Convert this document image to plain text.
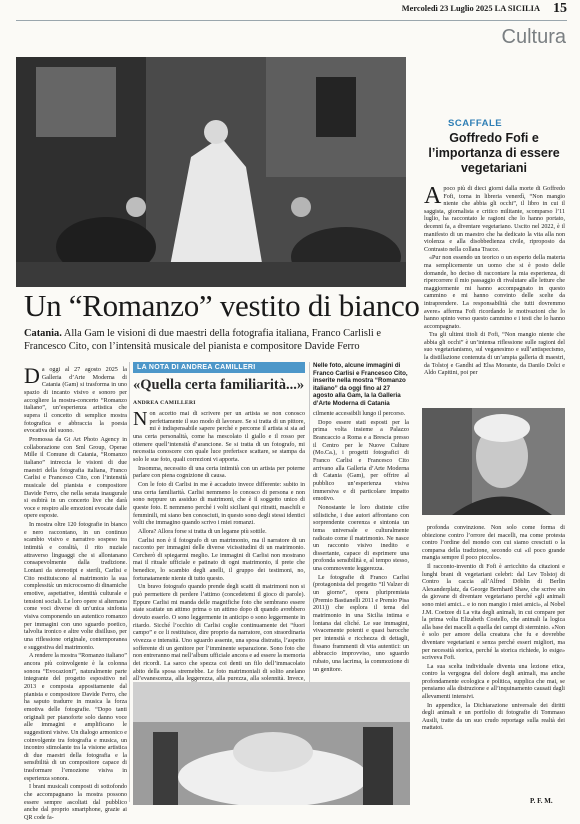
Mercoledì 23 Luglio 2025 LA SICILIA 15
Cultura
SCAFFALE
Goffredo Fofi e l’importanza di essere vegetariani

A poco più di dieci giorni dalla morte di Goffredo Fofi, torna in libreria venerdì, “Non mangio niente che abbia gli occhi”, il libro in cui il saggista, giornalista e critico militante, scomparso l’11 luglio, ha raccontato le ragioni che lo hanno portato, decenni fa, a diventare vegetariano. Uscito nel 2022, è il manifesto di un maestro che ha dedicato la vita alla non violenza e alla disobbedienza civile, riproposto da Contrasto nella collana Tracce.

«Pur non essendo un teorico o un esperto della materia ma semplicemente un uomo che si è posto delle domande, ho deciso di raccontare la mia esperienza, di ripercorrere il mio passaggio di rivalutare alle letture che maggiormente mi hanno accompagnato in questo cammino e mi hanno convinto delle scelte da intraprendere. La responsabilità che tutti dovremmo avere» afferma Fofi ricordando le motivazioni che lo hanno spinto verso questo cammino e i testi che lo hanno accompagnato.

Tra gli ultimi titoli di Fofi, “Non mangio niente che abbia gli occhi” è un’intensa riflessione sulle ragioni del suo vegetarianismo, sul veganesimo e sull’antispecismo, la distillazione contenuta di un’ampia galleria di maestri, da Tolstoj e Gandhi ad Elsa Morante, da Danilo Dolci e Aldo Capitini, poi per

profonda convinzione. Non solo come forma di obiezione contro l’orrore dei macelli, ma come protesta contro l’ordine del mondo con cui siamo cresciuti o la comparsa della tradizione, secondo cui «il poco grande mangia sempre il poco piccolo».

Il racconto-inventio di Fofi è arricchito da citazioni e lunghi brani di vegetariani celebri: dal Lev Tolstoj di Contro la caccia all’Alfred Döblin di Berlin Alexanderplatz, da George Bernhard Shaw, che scrive sin da giovane di diventare vegetariano perché «gli animali sono miei amici... e io non mangio i miei amici», al Nobel J.M. Coetzee di La vita degli animali, in cui compare per la prima volta Elizabeth Costello, che animali la logica alla base dei macelli a quella dei campi di sterminio. «Non è solo per amore della creatura che fu e dovrebbe diventare vegetariani e senza perché esseri migliori, ma per necessità storica, perché la storica richiede, lo esige» scriveva Fofi.

La sua scelta individuale diventa una lezione etica, contro la vergogna del dolore degli animali, ma anche profondamente ecologica e politica, supplica che mai, se pensiamo alla distruzione e all’inquinamento causati dagli allevamenti intensivi.

In appendice, la Dichiarazione universale dei diritti degli animali e un portfolio di fotografie di Tommaso Ausili, tratte da un suo crudo reportage sulla realtà dei mattatoi.

P. F. M.
Un “Romanzo” vestito di bianco
Catania. Alla Gam le visioni di due maestri della fotografia italiana, Franco Carlisli e Francesco Cito, con l’intensità musicale del pianista e compositore Davide Ferro

Da oggi al 27 agosto 2025 la Galleria d’Arte Moderna di Catania (Gam) si trasforma in uno spazio di incanto visivo e sonoro per accogliere la mostra-concerto “Romanzo italiano”, un’esperienza artistica che supera il concetto di semplice mostra fotografica e abbraccia la poesia evocativa del suono.

Promossa da Gt Art Photo Agency in collaborazione con Sml Group, Operae Mille il Comune di Catania, “Romanzo italiano” intreccia le visioni di due maestri della fotografia italiana, Franco Carlisi e Francesco Cito, con l’intensità musicale del pianista e compositore Davide Ferro, che nella serata inaugurale si esibirà in un concerto live che darà voce e respiro alle emozioni evocate dalle opere esposte.

In mostra oltre 120 fotografie in bianco e nero raccontano, in un continuo scambio visivo e narrativo sospeso tra intimità e coralità, il rito nuziale attraverso linguaggi che si allontanano consapevolmente dalla tradizione. Lontani da stereotipi e sterili, Carlisi e Cito restituiscono al matrimonio la sua complessità: un microcosmo di dinamiche emotive, aspettative, identità culturale e tensioni sociali. Le loro opere si alternano come voci diverse di un’unica sinfonia visiva componendo un autentico romanzo per immagini con uno sguardo poetico, talvolta ironico e altre volte disilluso, per una riflessione originale, contemporanea e suggestiva del matrimonio.

A rendere la mostra “Romanzo italiano” ancora più coinvolgente è la colonna sonora “Evocazioni”, naturalmente parte integrante del progetto espositivo nel 2013 e composta appositamente dal pianista e compositore Davide Ferro, che ha saputo tradurre in musica la forza emotiva delle fotografie. “Dopo tanti originali per pianoforte solo danno voce alle immagini e amplificano le suggestioni visive. Un dialogo armonico e coinvolgente tra fotografia e musica, un incontro stimolante tra la visione artistica di due maestri della fotografia e la sensibilità di un compositore capace di trasformare l’emozione visiva in esperienza sonora.

I brani musicali composti di sottofondo che accompagnano la mostra possono essere sempre ascoltati dal pubblico anche dal proprio smartphone, grazie ai QR code fa-

LA NOTA DI ANDREA CAMILLERI
«Quella certa familiarità...»
ANDREA CAMILLERI

Non accetto mai di scrivere per un artista se non conosco perfettamente il suo modo di lavorare. Se si tratta di un pittore, mi è indispensabile sapere perché e percome il artista si sia ad una certa personalità, come ha mescolato il giallo e il rosso per ottenere quell’intensità d’arancione. Se si tratta di un fotografo, mi necessita conoscere con quale luce preferisce scattare, se stampa da solo le sue foto, quali correzioni vi apporta.

Insomma, necessito di una certa intimità con un artista per poterne parlare con piena cognizione di causa.

Con le foto di Carlisi in me è accaduto invece differente: subito in una certa familiarità. Carlisi nemmeno lo conosco di persona e non sono neppure un assiduo di matrimoni, che è il soggetto unico di queste foto. E nemmeno perché i volti siciliani qui ritratti, maschili e femminili, mi siano ben conosciuti, in questo sono degli stessi identici volti che immagino quando scrivo i miei romanzi.

Allora? Allora forse si tratta di un legame più sottile.

Carlisi non è il fotografo di un matrimonio, ma il narratore di un racconto per immagini delle diverse vicissitudini di un matrimonio. Cercherò di spiegarmi meglio. Le immagini di Carlisi non mostrano mai il rituale ufficiale e patinato di ogni matrimonio, il prete che benedice, lo scambio degli anelli, il gruppo dei testimoni, no, fortunatamente niente di tutto questo.

Un bravo fotografo quando prende degli scatti di matrimoni non si può permettere di perdere l’attimo (concedetemi il gioco di parole). Eppure Carlisi mi manda delle magnifiche foto che sembrano essere state scattate un attimo prima o un attimo dopo di quando avrebbero dovuto esserlo. O sono leggermente in anticipo o sono leggermente in ritardo. Sicché l’occhio di Carlisi coglie continuamente dei “fuori campo” e ce li restituisce, dire proprio da narratore, con straordinaria vivezza e intensità. Uno sguardo assente, una sposa distratta, l’aspetto sofferente di un genitore per l’imminente separazione. Sono foto che non entreranno mai nell’album ufficiale ancora e ad essere la memoria dei ricordi. La sarco che spezza coi denti un filo dell’immacolato abito della sposa stremebbe. Le foto matrimoniali di solito anelano all’evanescenza, alla leggerezza, alla purezza, alla solennità. Invece,

Nelle foto, alcune immagini di Franco Carlisi e Francesco Cito, inserite nella mostra “Romanzo italiano” da oggi fino al 27 agosto alla Gam, la la Galleria d’Arte Moderna di Catania

cilmente accessibili lungo il percorso.

Dopo essere stati esposti per la prima volta insieme a Palazzo Brancaccio a Roma e a Brescia presso il Centro per le Nuove Culture (Mo.Ca.), i progetti fotografici di Franco Carlisi e Francesco Cito arrivano alla Galleria d’Arte Moderna di Catania (Gam), per offrire al pubblico un’esperienza visiva immersiva e di particolare impatto emotivo.

Nonostante le loro distinte cifre stilistiche, i due autori affrontano con sorprendente coerenza e sintonia un tema universale e culturalmente radicato come il matrimonio. Ne nasce un racconto visivo inedito e dissertante, capace di esprimere una profonda sensibilità e, al tempo stesso, una commovente leggerezza.

Le fotografie di Franco Carlisi (protagonista del progetto “Il Valzer di un giorno”, opera pluripremiata (Premio Bastianelli 2011 e Premio Pisa 2011)) che esplora il tema del matrimonio in una Sicilia intima e lontana dai cliché. Le sue immagini, vivacemente potenti e quasi barocche per intensità e ricchezza di dettagli, fissano frammenti di vita autentici: un abbraccio improvviso, uno sguardo rubato, una lacrima, la commozione di un genitore.
